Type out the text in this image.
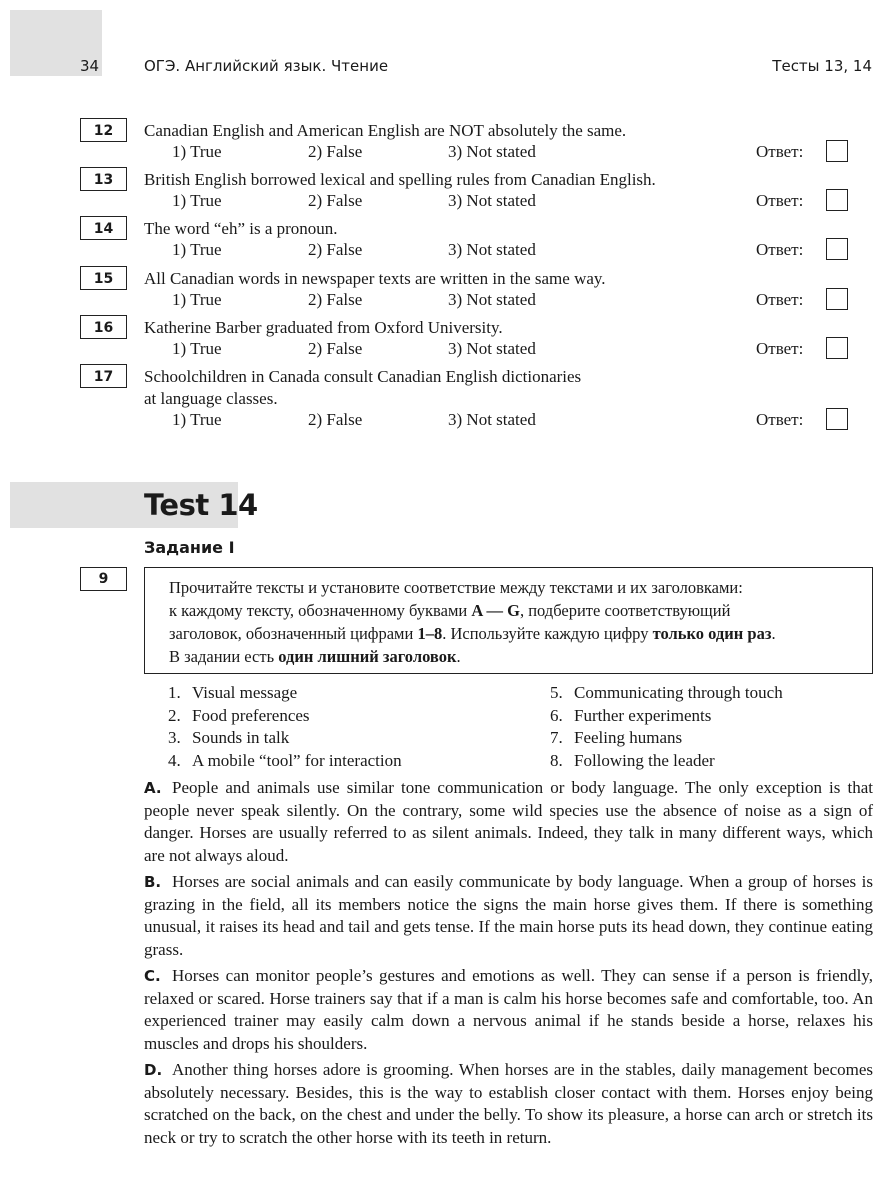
34	ОГЭ. Английский язык. Чтение	Тесты 13, 14
12	Canadian English and American English are NOT absolutely the same.
1) True	2) False	3) Not stated	Ответ:
13	British English borrowed lexical and spelling rules from Canadian English.
1) True	2) False	3) Not stated	Ответ:
14	The word “eh” is a pronoun.
1) True	2) False	3) Not stated	Ответ:
15	All Canadian words in newspaper texts are written in the same way.
1) True	2) False	3) Not stated	Ответ:
16	Katherine Barber graduated from Oxford University.
1) True	2) False	3) Not stated	Ответ:
17	Schoolchildren in Canada consult Canadian English dictionaries
at language classes.
1) True	2) False	3) Not stated	Ответ:
Test 14
Задание I
9	Прочитайте тексты и установите соответствие между текстами и их заголовками:
к каждому тексту, обозначенному буквами A — G, подберите соответствующий
заголовок, обозначенный цифрами 1–8. Используйте каждую цифру только один раз.
В задании есть один лишний заголовок.
1. Visual message
2. Food preferences
3. Sounds in talk
4. A mobile “tool” for interaction
5. Communicating through touch
6. Further experiments
7. Feeling humans
8. Following the leader
A. People and animals use similar tone communication or body language. The only exception is that people never speak silently. On the contrary, some wild species use the absence of noise as a sign of danger. Horses are usually referred to as silent animals. Indeed, they talk in many different ways, which are not always aloud.
B. Horses are social animals and can easily communicate by body language. When a group of horses is grazing in the field, all its members notice the signs the main horse gives them. If there is something unusual, it raises its head and tail and gets tense. If the main horse puts its head down, they continue eating grass.
C. Horses can monitor people’s gestures and emotions as well. They can sense if a person is friendly, relaxed or scared. Horse trainers say that if a man is calm his horse becomes safe and comfortable, too. An experienced trainer may easily calm down a nervous animal if he stands beside a horse, relaxes his muscles and drops his shoulders.
D. Another thing horses adore is grooming. When horses are in the stables, daily management becomes absolutely necessary. Besides, this is the way to establish closer contact with them. Horses enjoy being scratched on the back, on the chest and under the belly. To show its pleasure, a horse can arch or stretch its neck or try to scratch the other horse with its teeth in return.
